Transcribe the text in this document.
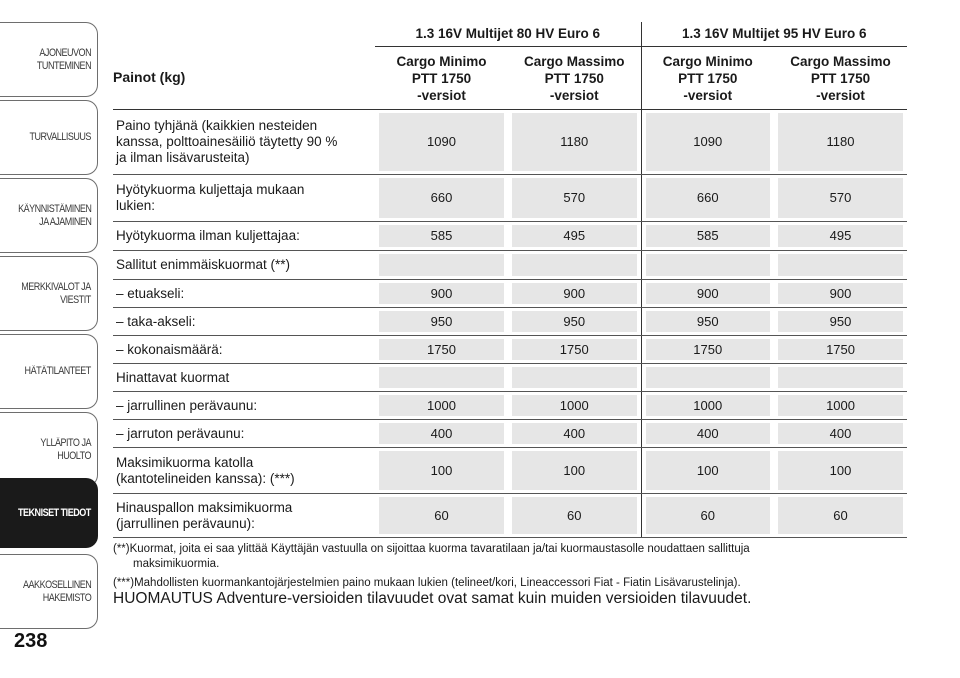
AJONEUVON
TUNTEMINEN
TURVALLISUUS
KÄYNNISTÄMINEN
JA AJAMINEN
MERKKIVALOT JA
VIESTIT
HÄTÄTILANTEET
YLLÄPITO JA HUOLTO
TEKNISET TIEDOT
AAKKOSELLINEN
HAKEMISTO
238
	1.3 16V Multijet 80 HV Euro 6		1.3 16V Multijet 95 HV Euro 6	
Painot (kg)	Cargo Minimo
PTT 1750
-versiot	Cargo Massimo
PTT 1750
-versiot	Cargo Minimo
PTT 1750
-versiot	Cargo Massimo
PTT 1750
-versiot
Paino tyhjänä (kaikkien nesteiden
kanssa, polttoainesäiliö täytetty 90 %
ja ilman lisävarusteita)	1090	1180	1090	1180

Hyötykuorma kuljettaja mukaan
lukien:	660	570	660	570

Hyötykuorma ilman kuljettajaa:	585	495	585	495

Sallitut enimmäiskuormat (**)	

– etuakseli:	900	900	900	900

– taka-akseli:	950	950	950	950

– kokonaismäärä:	1750	1750	1750	1750

Hinattavat kuormat	

– jarrullinen perävaunu:	1000	1000	1000	1000

– jarruton perävaunu:	400	400	400	400

Maksimikuorma katolla
(kantotelineiden kanssa): (***)	100	100	100	100

Hinauspallon maksimikuorma
(jarrullinen perävaunu):	60	60	60	60

(**)Kuormat, joita ei saa ylittää Käyttäjän vastuulla on sijoittaa kuorma tavaratilaan ja/tai kuormaustasolle noudattaen sallittuja

maksimikuormia.

(***)Mahdollisten kuormankantojärjestelmien paino mukaan lukien (telineet/kori, Lineaccessori Fiat - Fiatin Lisävarustelinja).

HUOMAUTUS Adventure-versioiden tilavuudet ovat samat kuin muiden versioiden tilavuudet.
